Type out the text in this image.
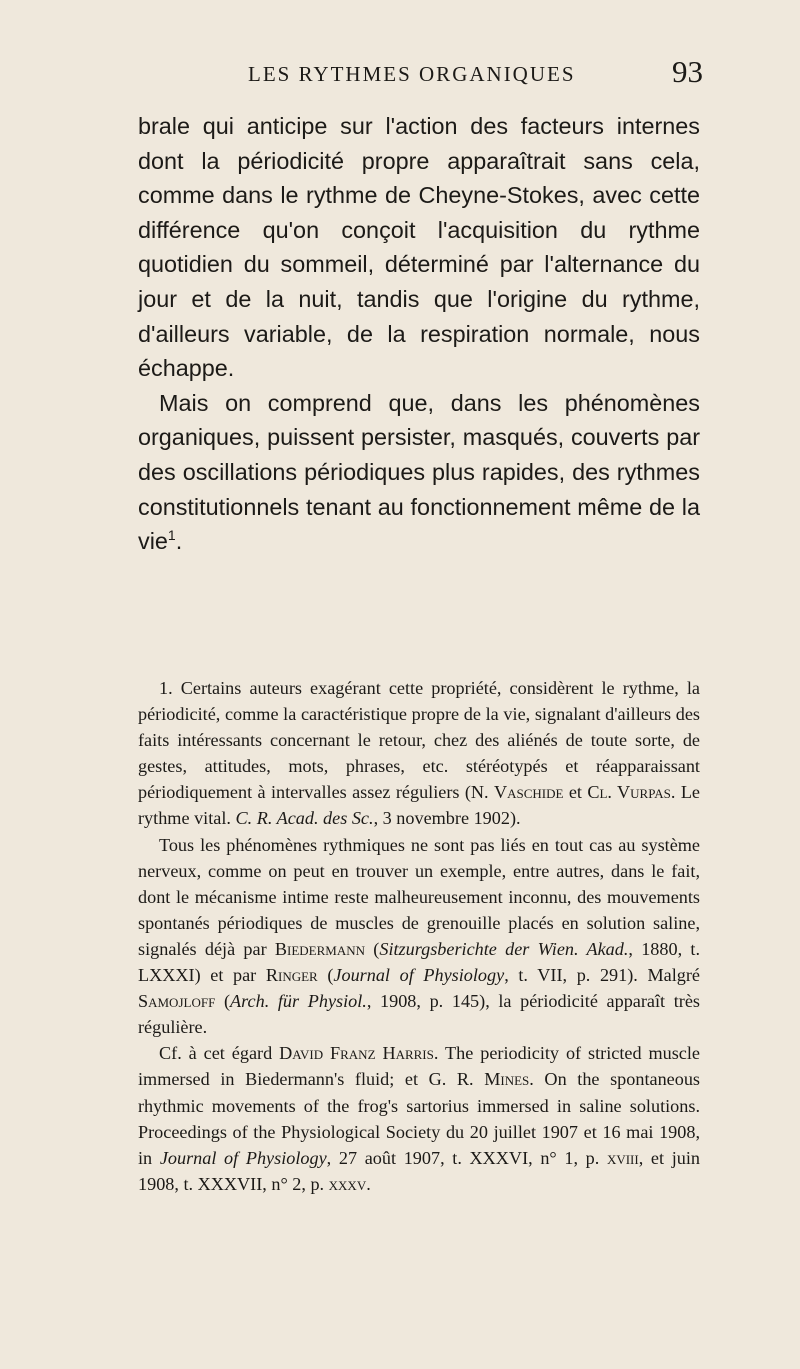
LES RYTHMES ORGANIQUES	93

brale qui anticipe sur l'action des facteurs internes dont la périodicité propre apparaîtrait sans cela, comme dans le rythme de Cheyne-Stokes, avec cette différence qu'on conçoit l'acquisition du rythme quotidien du sommeil, déterminé par l'alternance du jour et de la nuit, tandis que l'origine du rythme, d'ailleurs variable, de la respiration normale, nous échappe.

Mais on comprend que, dans les phénomènes organiques, puissent persister, masqués, couverts par des oscillations périodiques plus rapides, des rythmes constitutionnels tenant au fonctionnement même de la vie$^1$.

1. Certains auteurs exagérant cette propriété, considèrent le rythme, la périodicité, comme la caractéristique propre de la vie, signalant d'ailleurs des faits intéressants concernant le retour, chez des aliénés de toute sorte, de gestes, attitudes, mots, phrases, etc. stéréotypés et réapparaissant périodiquement à intervalles assez réguliers (N. Vaschide et Cl. Vurpas. Le rythme vital. C. R. Acad. des Sc., 3 novembre 1902).

Tous les phénomènes rythmiques ne sont pas liés en tout cas au système nerveux, comme on peut en trouver un exemple, entre autres, dans le fait, dont le mécanisme intime reste malheureusement inconnu, des mouvements spontanés périodiques de muscles de grenouille placés en solution saline, signalés déjà par Biedermann (Sitzurgsberichte der Wien. Akad., 1880, t. LXXXI) et par Ringer (Journal of Physiology, t. VII, p. 291). Malgré Samojloff (Arch. für Physiol., 1908, p. 145), la périodicité apparaît très régulière.

Cf. à cet égard David Franz Harris. The periodicity of stricted muscle immersed in Biedermann's fluid; et G. R. Mines. On the spontaneous rhythmic movements of the frog's sartorius immersed in saline solutions. Proceedings of the Physiological Society du 20 juillet 1907 et 16 mai 1908, in Journal of Physiology, 27 août 1907, t. XXXVI, n° 1, p. xviii, et juin 1908, t. XXXVII, n° 2, p. xxxv.
